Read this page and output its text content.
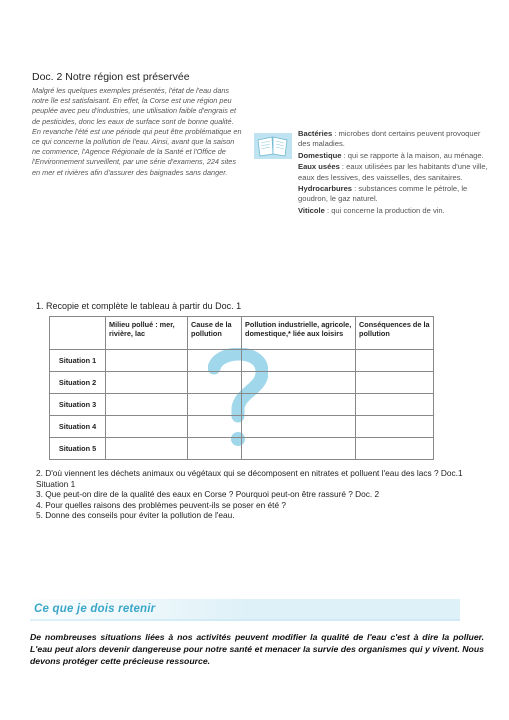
Doc. 2 Notre région est préservée

Malgré les quelques exemples présentés, l'état de l'eau dans notre île est satisfaisant. En effet, la Corse est une région peu peuplée avec peu d'industries, une utilisation faible d'engrais et de pesticides, donc les eaux de surface sont de bonne qualité.

En revanche l'été est une période qui peut être problématique en ce qui concerne la pollution de l'eau. Ainsi, avant que la saison ne commence, l'Agence Régionale de la Santé et l'Office de l'Environnement surveillent, par une série d'examens, 224 sites en mer et rivières afin d'assurer des baignades sans danger.

Bactéries : microbes dont certains peuvent provoquer des maladies.
Domestique : qui se rapporte à la maison, au ménage.
Eaux usées : eaux utilisées par les habitants d'une ville, eaux des lessives, des vaisselles, des sanitaires.
Hydrocarbures : substances comme le pétrole, le goudron, le gaz naturel.
Viticole : qui concerne la production de vin.
1. Recopie et complète le tableau à partir du Doc. 1
	Milieu pollué : mer, rivière, lac	Cause de la pollution	Pollution industrielle, agricole, domestique,* liée aux loisirs	Conséquences de la pollution
Situation 1				
Situation 2				
Situation 3				
Situation 4				
Situation 5				
2. D'où viennent les déchets animaux ou végétaux qui se décomposent en nitrates et polluent l'eau des lacs ? Doc.1 Situation 1
3. Que peut-on dire de la qualité des eaux en Corse ? Pourquoi peut-on être rassuré ? Doc. 2
4. Pour quelles raisons des problèmes peuvent-ils se poser en été ?
5. Donne des conseils pour éviter la pollution de l'eau.
Ce que je dois retenir
De nombreuses situations liées à nos activités peuvent modifier la qualité de l'eau c'est à dire la polluer. L'eau peut alors devenir dangereuse pour notre santé et menacer la survie des organismes qui y vivent. Nous devons protéger cette précieuse ressource.
